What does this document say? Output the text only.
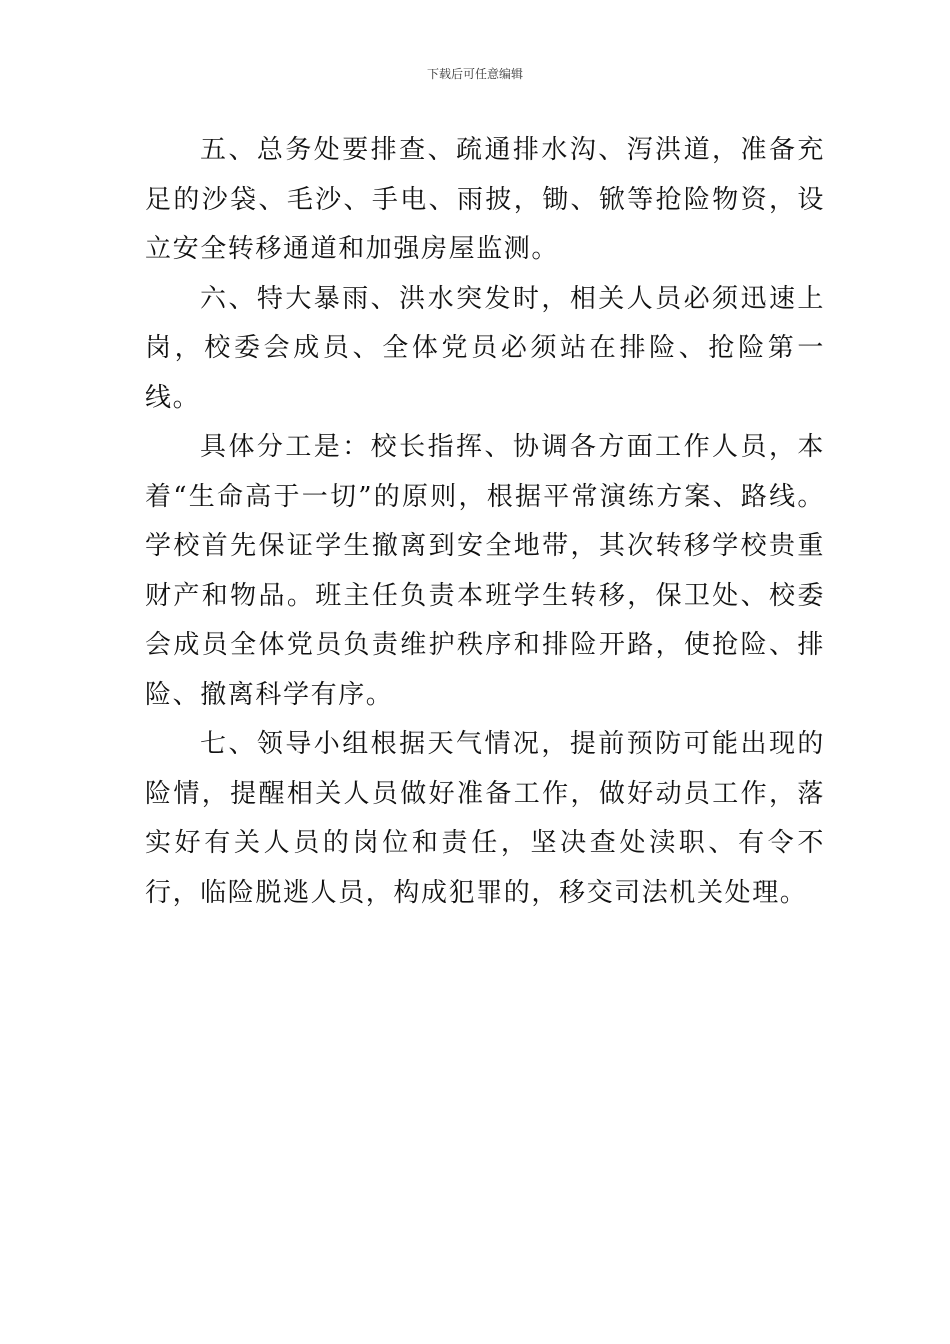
下载后可任意编辑

五、总务处要排查、疏通排水沟、泻洪道，准备充足的沙袋、毛沙、手电、雨披，锄、锨等抢险物资，设立安全转移通道和加强房屋监测。

六、特大暴雨、洪水突发时，相关人员必须迅速上岗，校委会成员、全体党员必须站在排险、抢险第一线。

具体分工是：校长指挥、协调各方面工作人员，本着“生命高于一切”的原则，根据平常演练方案、路线。学校首先保证学生撤离到安全地带，其次转移学校贵重财产和物品。班主任负责本班学生转移，保卫处、校委会成员全体党员负责维护秩序和排险开路，使抢险、排险、撤离科学有序。

七、领导小组根据天气情况，提前预防可能出现的险情，提醒相关人员做好准备工作，做好动员工作，落实好有关人员的岗位和责任，坚决查处渎职、有令不行，临险脱逃人员，构成犯罪的，移交司法机关处理。
